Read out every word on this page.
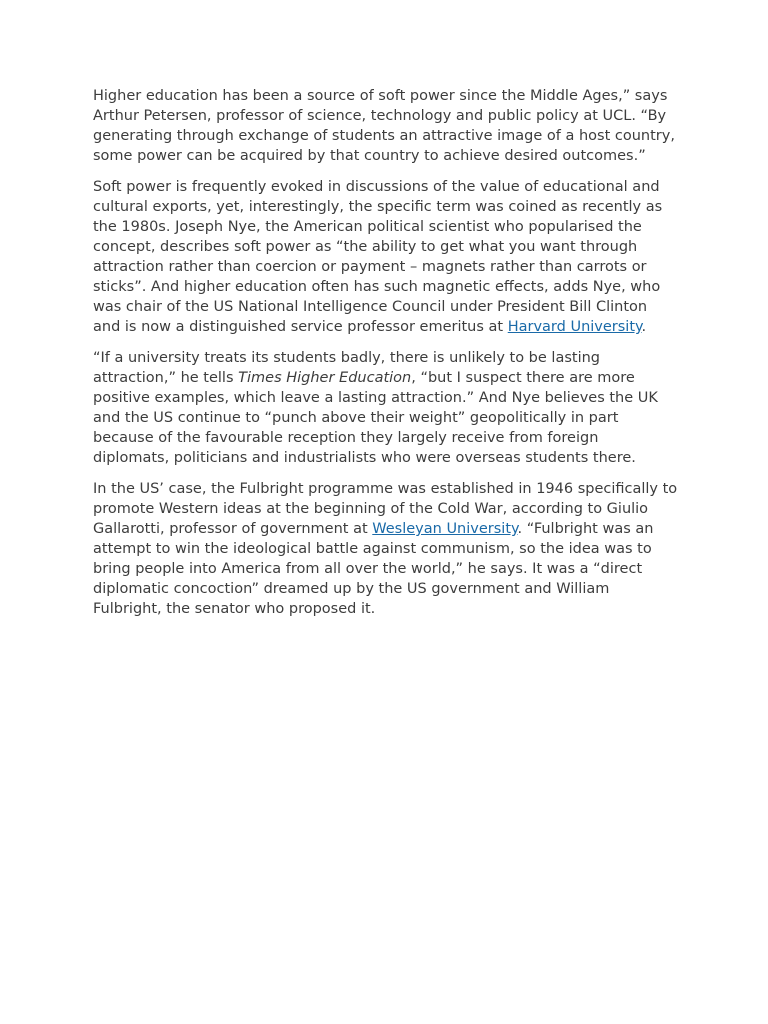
Higher education has been a source of soft power since the Middle Ages,” says Arthur Petersen, professor of science, technology and public policy at UCL. “By generating through exchange of students an attractive image of a host country, some power can be acquired by that country to achieve desired outcomes.”

Soft power is frequently evoked in discussions of the value of educational and cultural exports, yet, interestingly, the specific term was coined as recently as the 1980s. Joseph Nye, the American political scientist who popularised the concept, describes soft power as “the ability to get what you want through attraction rather than coercion or payment – magnets rather than carrots or sticks”. And higher education often has such magnetic effects, adds Nye, who was chair of the US National Intelligence Council under President Bill Clinton and is now a distinguished service professor emeritus at Harvard University.

“If a university treats its students badly, there is unlikely to be lasting attraction,” he tells Times Higher Education, “but I suspect there are more positive examples, which leave a lasting attraction.” And Nye believes the UK and the US continue to “punch above their weight” geopolitically in part because of the favourable reception they largely receive from foreign diplomats, politicians and industrialists who were overseas students there.

In the US’ case, the Fulbright programme was established in 1946 specifically to promote Western ideas at the beginning of the Cold War, according to Giulio Gallarotti, professor of government at Wesleyan University. “Fulbright was an attempt to win the ideological battle against communism, so the idea was to bring people into America from all over the world,” he says. It was a “direct diplomatic concoction” dreamed up by the US government and William Fulbright, the senator who proposed it.
